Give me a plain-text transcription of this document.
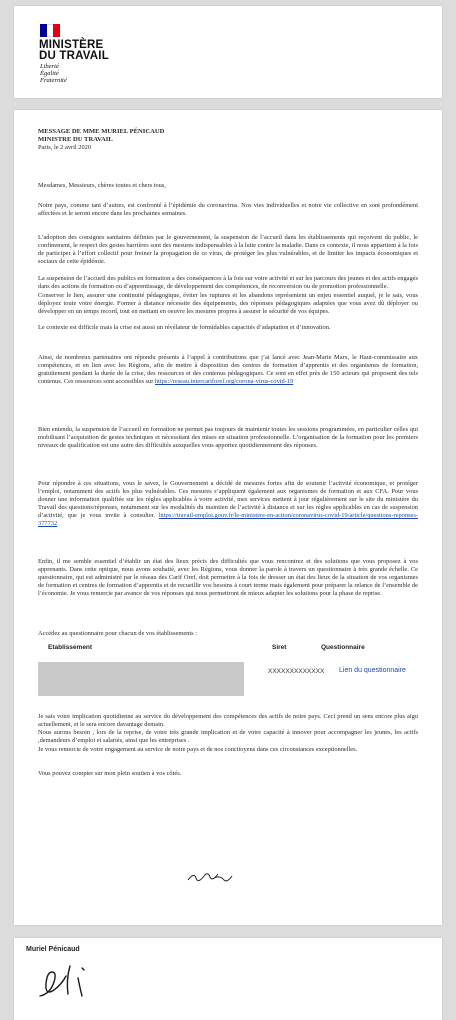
MINISTÈRE
DU TRAVAIL
Liberté
Égalité
Fraternité

MESSAGE DE MME MURIEL PÉNICAUD

MINISTRE DU TRAVAIL

Paris, le 2 avril 2020

Mesdames, Messieurs, chères toutes et chers tous,

Notre pays, comme tant d’autres, est confronté à l’épidémie du coronavirus. Nos vies individuelles et notre vie collective en sont profondément affectées et le seront encore dans les prochaines semaines.

L’adoption des consignes sanitaires définies par le gouvernement, la suspension de l’accueil dans les établissements qui reçoivent du public, le confinement, le respect des gestes barrières sont des mesures indispensables à la lutte contre la maladie. Dans ce contexte, il nous appartient à la fois de participer à l’effort collectif pour freiner la propagation de ce virus, de protéger les plus vulnérables, et de limiter les impacts économiques et sociaux de cette épidémie.

La suspension de l’accueil des publics en formation a des conséquences à la fois sur votre activité et sur les parcours des jeunes et des actifs engagés dans des actions de formation ou d’apprentissage, de développement des compétences, de reconversion ou de promotion professionnelle.

Conserver le lien, assurer une continuité pédagogique, éviter les ruptures et les abandons représentent un enjeu essentiel auquel, je le sais, vous déployez toute votre énergie. Former à distance nécessite des équipements, des réponses pédagogiques adaptées que vous avez dû déployer ou développer en un temps record, tout en mettant en oeuvre les mesures propres à assurer le sécurité de vos équipes.

Le contexte est difficile mais la crise est aussi un révélateur de formidables capacités d’adaptation et d’innovation.

Ainsi, de nombreux partenaires ont répondu présents à l’appel à contributions que j’ai lancé avec Jean-Marie Marx, le Haut-commissaire aux compétences, et en lien avec les Régions, afin de mettre à disposition des centres de formation d’apprentis et des organismes de formation, gratuitement pendant la durée de la crise, des ressources et des contenus pédagogiques. Ce sont en effet près de 150 acteurs qui proposent des tels contenus. Ces ressources sont accessibles sur https://reseau.intercariforef.org/corona-virus-covid-19

Bien entendu, la suspension de l’accueil en formation ne permet pas toujours de maintenir toutes les sessions programmées, en particulier celles qui mobilisant l’acquisition de gestes techniques et nécessitant des mises en situation professionnelle. L’organisation de la formation pour les premiers niveaux de qualification est une autre des difficultés auxquelles vous apportez quotidiennement des réponses.

Pour répondre à ces situations, vous le savez, le Gouvernement a décidé de mesures fortes afin de soutenir l’activité économique, et protéger l’emploi, notamment des actifs les plus vulnérables. Ces mesures s’appliquent également aux organismes de formation et aux CFA. Pour vous donner une information qualifiée sur les règles applicables à votre activité, mes services mettent à jour régulièrement sur le site du ministère du Travail des questions/réponses, notamment sur les modalités du maintien de l’activité à distance et sur les règles applicables en cas de suspension d’activité, que je vous invite à consulter. https://travail-emploi.gouv.fr/le-ministere-en-action/coronavirus-covid-19/article/questions-reponses-377732

Enfin, il me semble essentiel d’établir un état des lieux précis des difficultés que vous rencontrez et des solutions que vous proposez à vos apprenants. Dans cette optique, nous avons souhaité, avec les Régions, vous donner la parole à travers un questionnaire à très grande échelle. Ce questionnaire, qui est administré par le réseau des Carif Oref, doit permettre à la fois de dresser un état des lieux de la situation de vos organismes de formation et centres de formation d’apprentis et de recueillir vos besoins à court terme mais également pour préparer la relance de l’ensemble de l’économie. Je vous remercie par avance de vos réponses qui nous permettront de mieux adapter les solutions pour la phase de reprise.

Accédez au questionnaire pour chacun de vos établissements :

Etablissement	Siret	Questionnaire
XXXXXXXXXXXXX Lien du questionnaire

Je sais votre implication quotidienne au service du développement des compétences des actifs de notre pays. Ceci prend un sens encore plus aigu actuellement, et le sera encore davantage demain.

Nous aurons besoin , lors de la reprise, de votre très grande implication et de votre capacité à innover pour accompagner les jeunes, les actifs ,demandeurs d’emploi et salariés, ainsi que les entreprises .

Je vous remercie de votre engagement au service de notre pays et de nos concitoyens dans ces circonstances exceptionnelles.

Vous pouvez compter sur mon plein soutien à vos côtés.

Muriel Pénicaud
